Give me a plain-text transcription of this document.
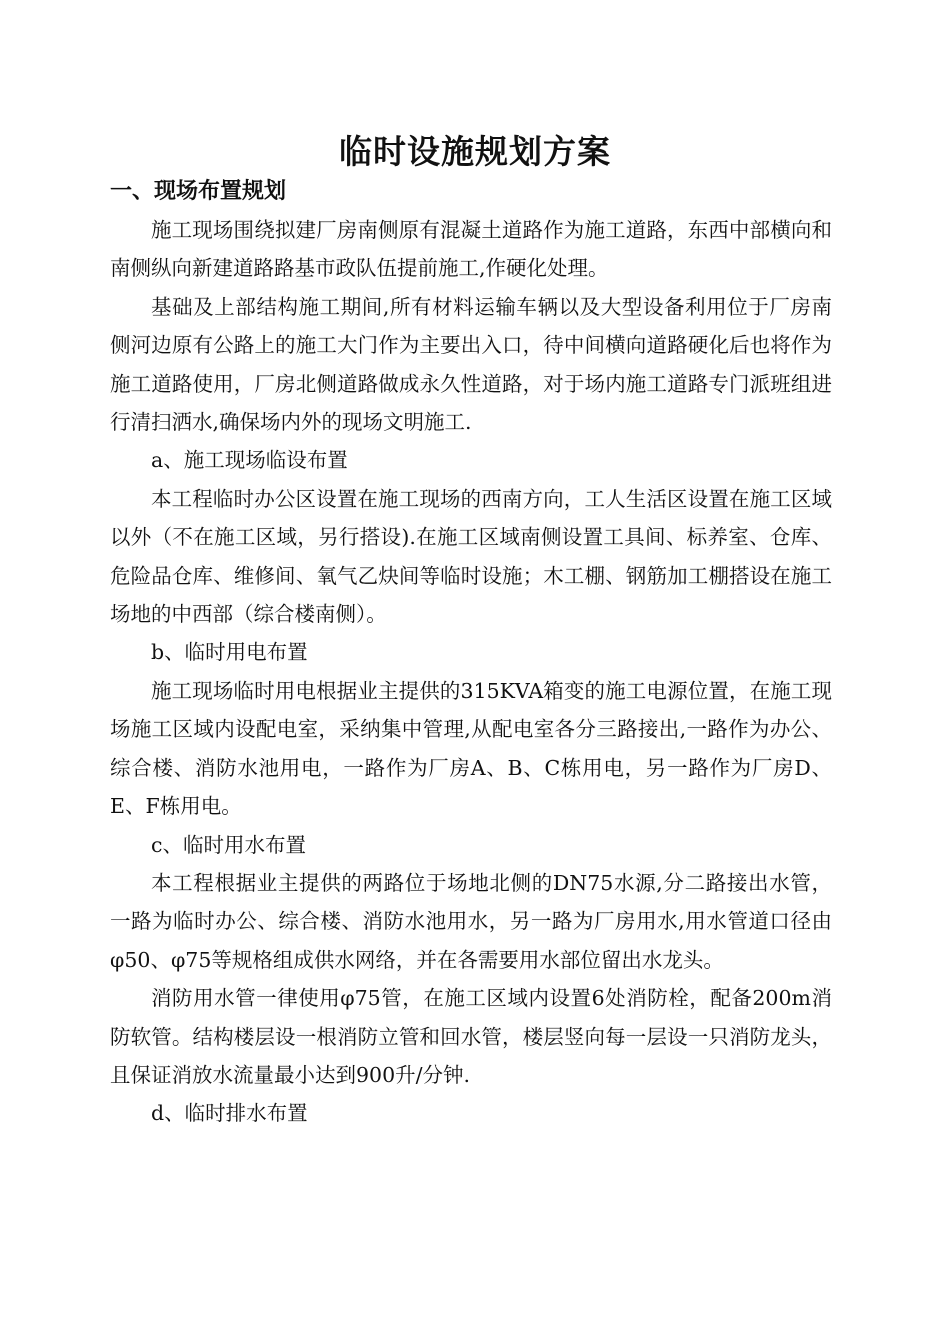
临时设施规划方案
一、现场布置规划

施工现场围绕拟建厂房南侧原有混凝土道路作为施工道路，东西中部横向和南侧纵向新建道路路基市政队伍提前施工,作硬化处理。

基础及上部结构施工期间,所有材料运输车辆以及大型设备利用位于厂房南侧河边原有公路上的施工大门作为主要出入口，待中间横向道路硬化后也将作为施工道路使用，厂房北侧道路做成永久性道路，对于场内施工道路专门派班组进行清扫洒水,确保场内外的现场文明施工.

a、施工现场临设布置

本工程临时办公区设置在施工现场的西南方向，工人生活区设置在施工区域以外（不在施工区域，另行搭设).在施工区域南侧设置工具间、标养室、仓库、危险品仓库、维修间、氧气乙炔间等临时设施；木工棚、钢筋加工棚搭设在施工场地的中西部（综合楼南侧）。

b、临时用电布置

施工现场临时用电根据业主提供的315KVA箱变的施工电源位置，在施工现场施工区域内设配电室，采纳集中管理,从配电室各分三路接出,一路作为办公、综合楼、消防水池用电，一路作为厂房A、B、C栋用电，另一路作为厂房D、E、F栋用电。

c、临时用水布置

本工程根据业主提供的两路位于场地北侧的DN75水源,分二路接出水管，一路为临时办公、综合楼、消防水池用水，另一路为厂房用水,用水管道口径由φ50、φ75等规格组成供水网络，并在各需要用水部位留出水龙头。

消防用水管一律使用φ75管，在施工区域内设置6处消防栓，配备200m消防软管。结构楼层设一根消防立管和回水管，楼层竖向每一层设一只消防龙头，且保证消放水流量最小达到900升/分钟.

d、临时排水布置
